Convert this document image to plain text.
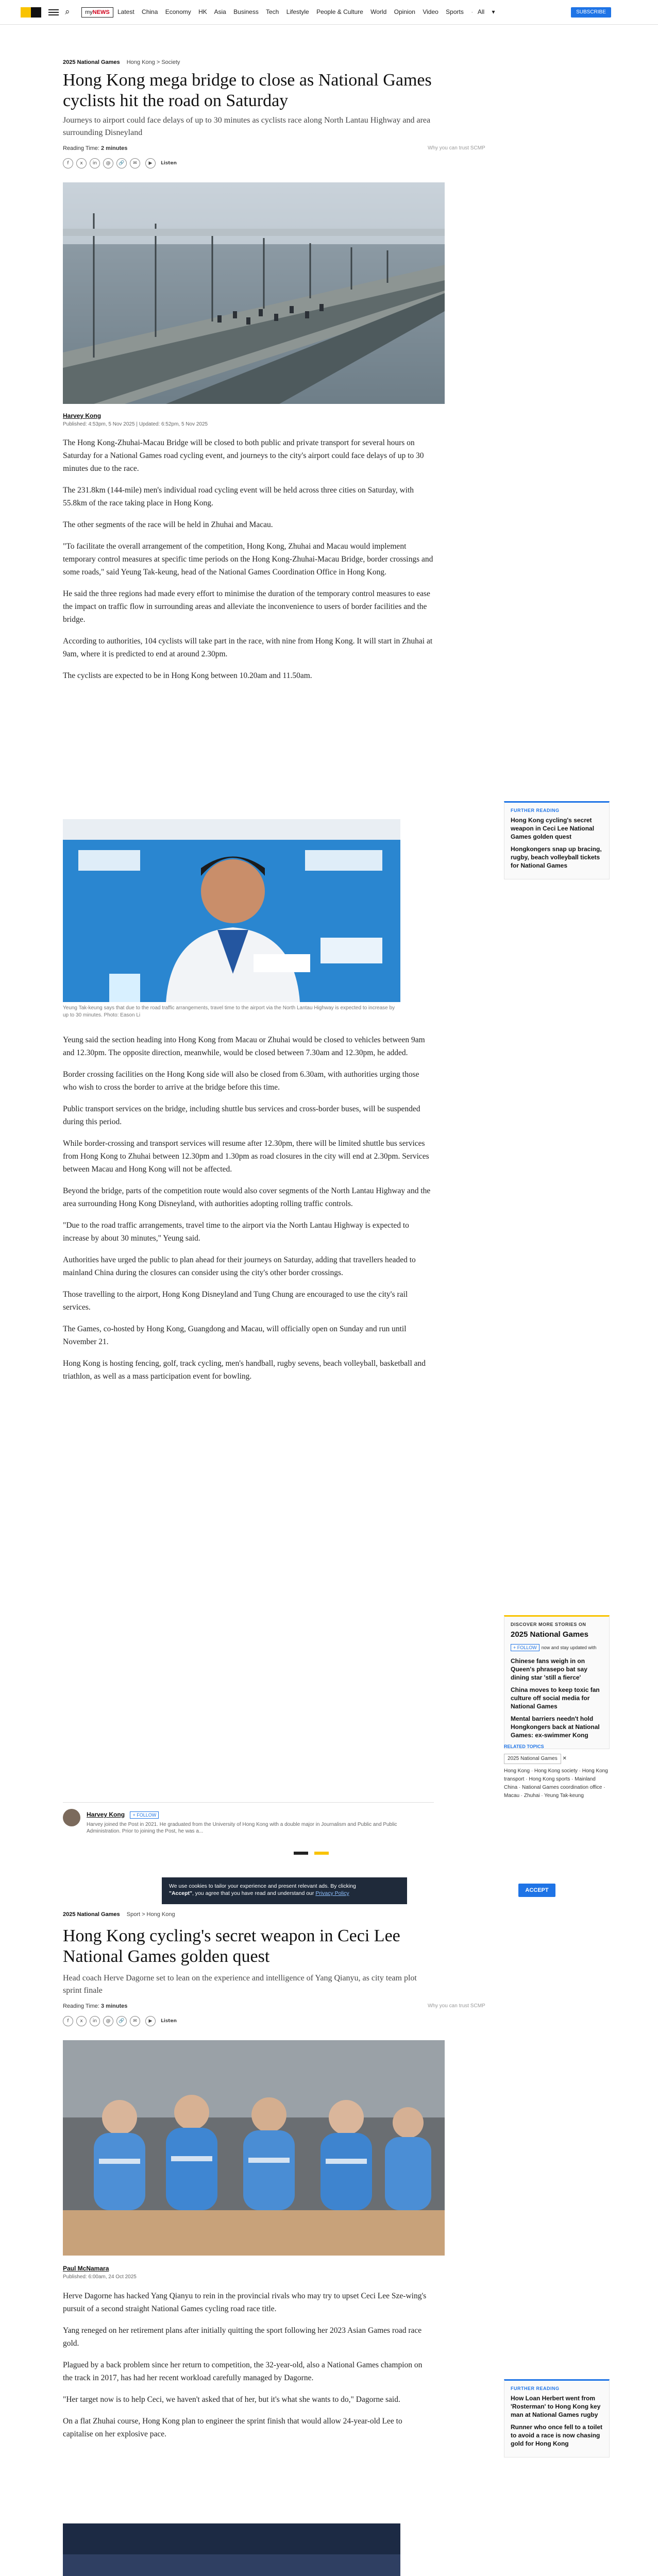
⌕	myNEWS	Latest China Economy HK Asia Business Tech Lifestyle People & Culture World Opinion Video Sports · All ▾	SUBSCRIBE
2025 National Games Hong Kong > Society
Hong Kong mega bridge to close as National Games cyclists hit the road on Saturday

Journeys to airport could face delays of up to 30 minutes as cyclists race along North Lantau Highway and area surrounding Disneyland

Reading Time: 2 minutes	Why you can trust SCMP
f x in @ 🔗 ✉	▶ Listen
Harvey Kong
Published: 4:53pm, 5 Nov 2025 | Updated: 6:52pm, 5 Nov 2025

The Hong Kong-Zhuhai-Macau Bridge will be closed to both public and private transport for several hours on Saturday for a National Games road cycling event, and journeys to the city's airport could face delays of up to 30 minutes due to the race.

The 231.8km (144-mile) men's individual road cycling event will be held across three cities on Saturday, with 55.8km of the race taking place in Hong Kong.

The other segments of the race will be held in Zhuhai and Macau.

"To facilitate the overall arrangement of the competition, Hong Kong, Zhuhai and Macau would implement temporary control measures at specific time periods on the Hong Kong-Zhuhai-Macau Bridge, border crossings and some roads," said Yeung Tak-keung, head of the National Games Coordination Office in Hong Kong.

He said the three regions had made every effort to minimise the duration of the temporary control measures to ease the impact on traffic flow in surrounding areas and alleviate the inconvenience to users of border facilities and the bridge.

According to authorities, 104 cyclists will take part in the race, with nine from Hong Kong. It will start in Zhuhai at 9am, where it is predicted to end at around 2.30pm.

The cyclists are expected to be in Hong Kong between 10.20am and 11.50am.

Yeung Tak-keung says that due to the road traffic arrangements, travel time to the airport via the North Lantau Highway is expected to increase by up to 30 minutes. Photo: Eason Li

Yeung said the section heading into Hong Kong from Macau or Zhuhai would be closed to vehicles between 9am and 12.30pm. The opposite direction, meanwhile, would be closed between 7.30am and 12.30pm, he added.

Border crossing facilities on the Hong Kong side will also be closed from 6.30am, with authorities urging those who wish to cross the border to arrive at the bridge before this time.

Public transport services on the bridge, including shuttle bus services and cross-border buses, will be suspended during this period.

While border-crossing and transport services will resume after 12.30pm, there will be limited shuttle bus services from Hong Kong to Zhuhai between 12.30pm and 1.30pm as road closures in the city will end at 2.30pm. Services between Macau and Hong Kong will not be affected.

Beyond the bridge, parts of the competition route would also cover segments of the North Lantau Highway and the area surrounding Hong Kong Disneyland, with authorities adopting rolling traffic controls.

"Due to the road traffic arrangements, travel time to the airport via the North Lantau Highway is expected to increase by about 30 minutes," Yeung said.

Authorities have urged the public to plan ahead for their journeys on Saturday, adding that travellers headed to mainland China during the closures can consider using the city's other border crossings.

Those travelling to the airport, Hong Kong Disneyland and Tung Chung are encouraged to use the city's rail services.

The Games, co-hosted by Hong Kong, Guangdong and Macau, will officially open on Sunday and run until November 21.

Hong Kong is hosting fencing, golf, track cycling, men's handball, rugby sevens, beach volleyball, basketball and triathlon, as well as a mass participation event for bowling.

Harvey Kong + FOLLOW

Harvey joined the Post in 2021. He graduated from the University of Hong Kong with a double major in Journalism and Public and Public Administration. Prior to joining the Post, he was a...

FURTHER READING
Hong Kong cycling's secret weapon in Ceci Lee National Games golden quest
Hongkongers snap up bracing, rugby, beach volleyball tickets for National Games
DISCOVER MORE STORIES ON
2025 National Games
+ FOLLOW now and stay updated with
Chinese fans weigh in on Queen's phrasepo bat say dining star 'still a fierce'
China moves to keep toxic fan culture off social media for National Games
Mental barriers needn't hold Hongkongers back at National Games: ex-swimmer Kong
RELATED TOPICS
2025 National Games ✕
Hong Kong · Hong Kong society · Hong Kong transport · Hong Kong sports · Mainland China · National Games coordination office · Macau · Zhuhai · Yeung Tak-keung
We use cookies to tailor your experience and present relevant ads. By clicking
"Accept", you agree that you have read and understand our Privacy Policy	ACCEPT
2025 National Games Sport > Hong Kong
Hong Kong cycling's secret weapon in Ceci Lee National Games golden quest

Head coach Herve Dagorne set to lean on the experience and intelligence of Yang Qianyu, as city team plot sprint finale

Reading Time: 3 minutes	Why you can trust SCMP
f x in @ 🔗 ✉	▶ Listen
Paul McNamara
Published: 6:00am, 24 Oct 2025

Herve Dagorne has hacked Yang Qianyu to rein in the provincial rivals who may try to upset Ceci Lee Sze-wing's pursuit of a second straight National Games cycling road race title.

Yang reneged on her retirement plans after initially quitting the sport following her 2023 Asian Games road race gold.

Plagued by a back problem since her return to competition, the 32-year-old, also a National Games champion on the track in 2017, has had her recent workload carefully managed by Dagorne.

"Her target now is to help Ceci, we haven't asked that of her, but it's what she wants to do," Dagorne said.

On a flat Zhuhai course, Hong Kong plan to engineer the sprint finish that would allow 24-year-old Lee to capitalise on her explosive pace.

FURTHER READING
How Loan Herbert went from 'Rosterman' to Hong Kong key man at National Games rugby
Runner who once fell to a toilet to avoid a race is now chasing gold for Hong Kong
